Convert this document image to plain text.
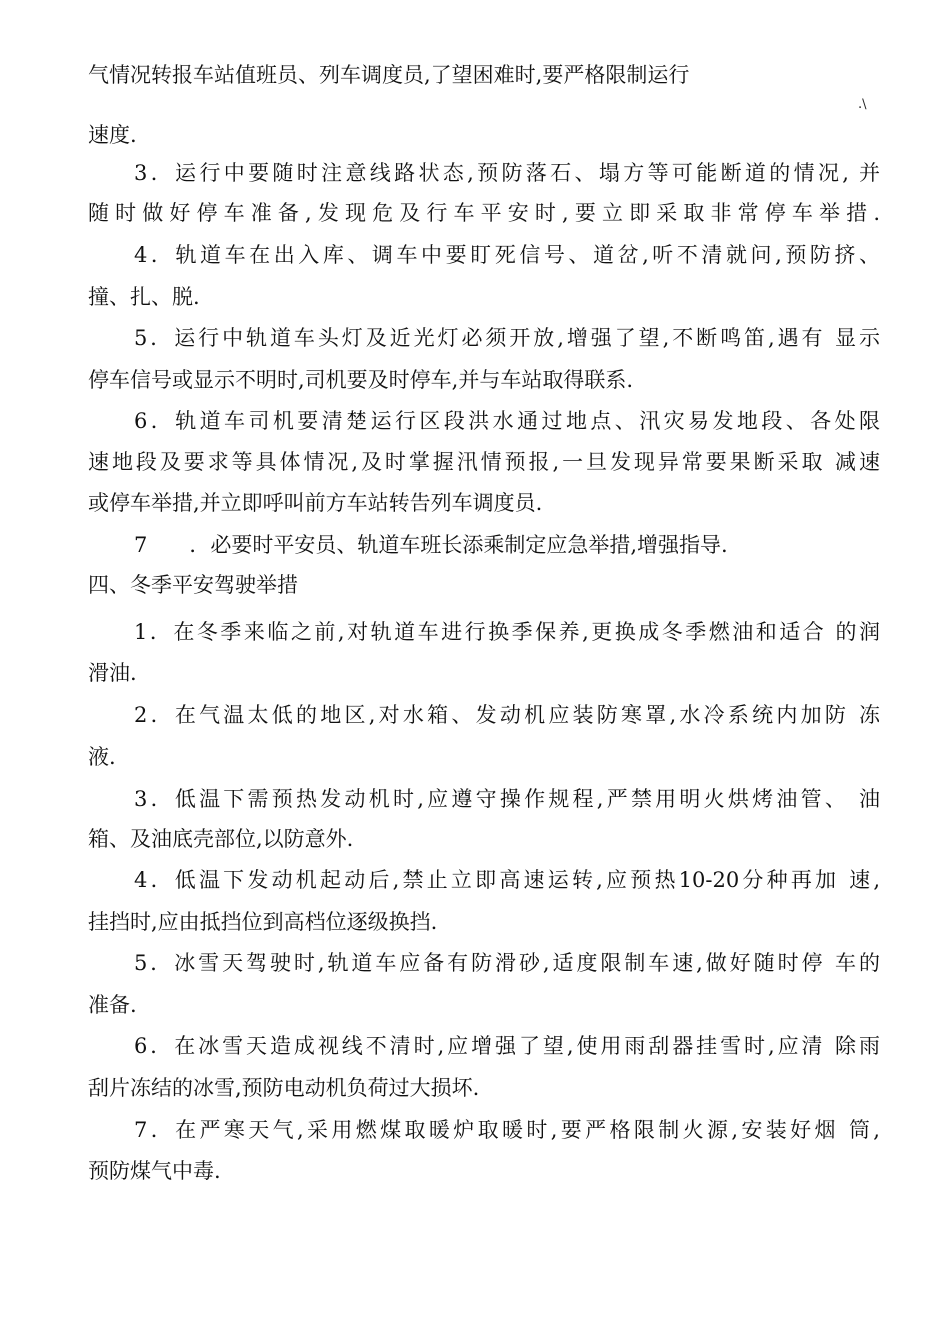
.\
气情况转报车站值班员、列车调度员,了望困难时,要严格限制运行
速度.
3．运行中要随时注意线路状态,预防落石、塌方等可能断道的情况, 并
随时做好停车准备,发现危及行车平安时,要立即采取非常停车举措.
4．轨道车在出入库、调车中要盯死信号、道岔,听不清就问,预防挤、
撞、扎、脱.
5．运行中轨道车头灯及近光灯必须开放,增强了望,不断鸣笛,遇有 显示
停车信号或显示不明时,司机要及时停车,并与车站取得联系.
6．轨道车司机要清楚运行区段洪水通过地点、汛灾易发地段、各处限
速地段及要求等具体情况,及时掌握汛情预报,一旦发现异常要果断采取 减速
或停车举措,并立即呼叫前方车站转告列车调度员.
7　　．必要时平安员、轨道车班长添乘制定应急举措,增强指导.
四、冬季平安驾驶举措
1．在冬季来临之前,对轨道车进行换季保养,更换成冬季燃油和适合 的润
滑油.
2．在气温太低的地区,对水箱、发动机应装防寒罩,水冷系统内加防 冻
液.
3．低温下需预热发动机时,应遵守操作规程,严禁用明火烘烤油管、 油
箱、及油底壳部位,以防意外.
4．低温下发动机起动后,禁止立即高速运转,应预热10-20分种再加 速,
挂挡时,应由抵挡位到高档位逐级换挡.
5．冰雪天驾驶时,轨道车应备有防滑砂,适度限制车速,做好随时停 车的
准备.
6．在冰雪天造成视线不清时,应增强了望,使用雨刮器挂雪时,应清 除雨
刮片冻结的冰雪,预防电动机负荷过大损坏.
7．在严寒天气,采用燃煤取暖炉取暖时,要严格限制火源,安装好烟 筒,
预防煤气中毒.
